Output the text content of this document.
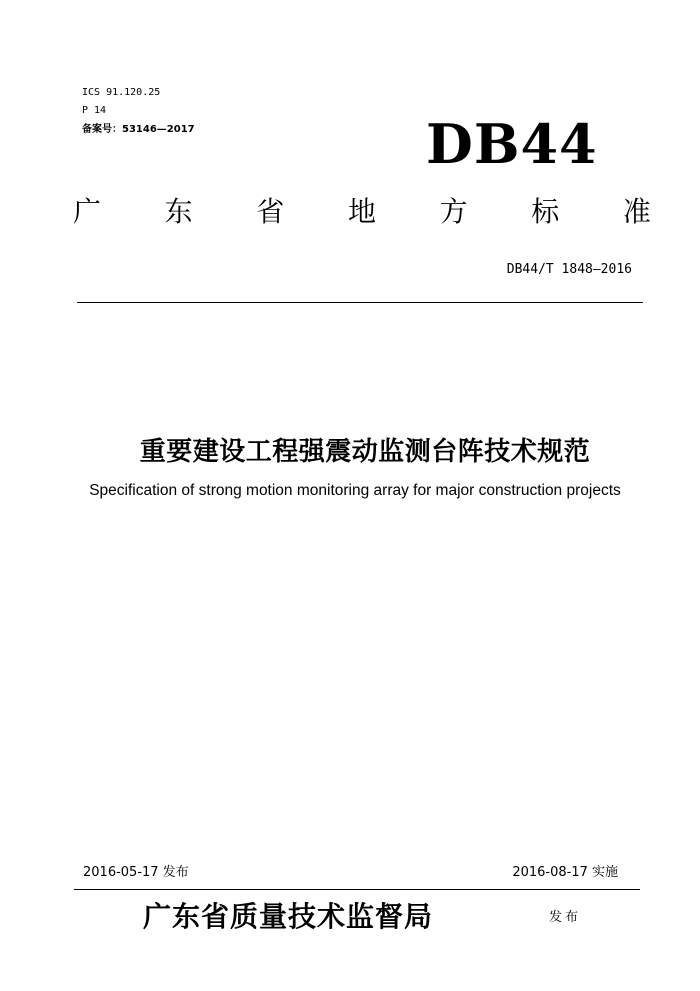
ICS 91.120.25
P 14
备案号：53146—2017	DB44
广 东 省 地 方 标 准
DB44/T 1848—2016
重要建设工程强震动监测台阵技术规范
Specification of strong motion monitoring array for major construction projects
2016-05-17 发布	2016-08-17 实施
广东省质量技术监督局	发布
